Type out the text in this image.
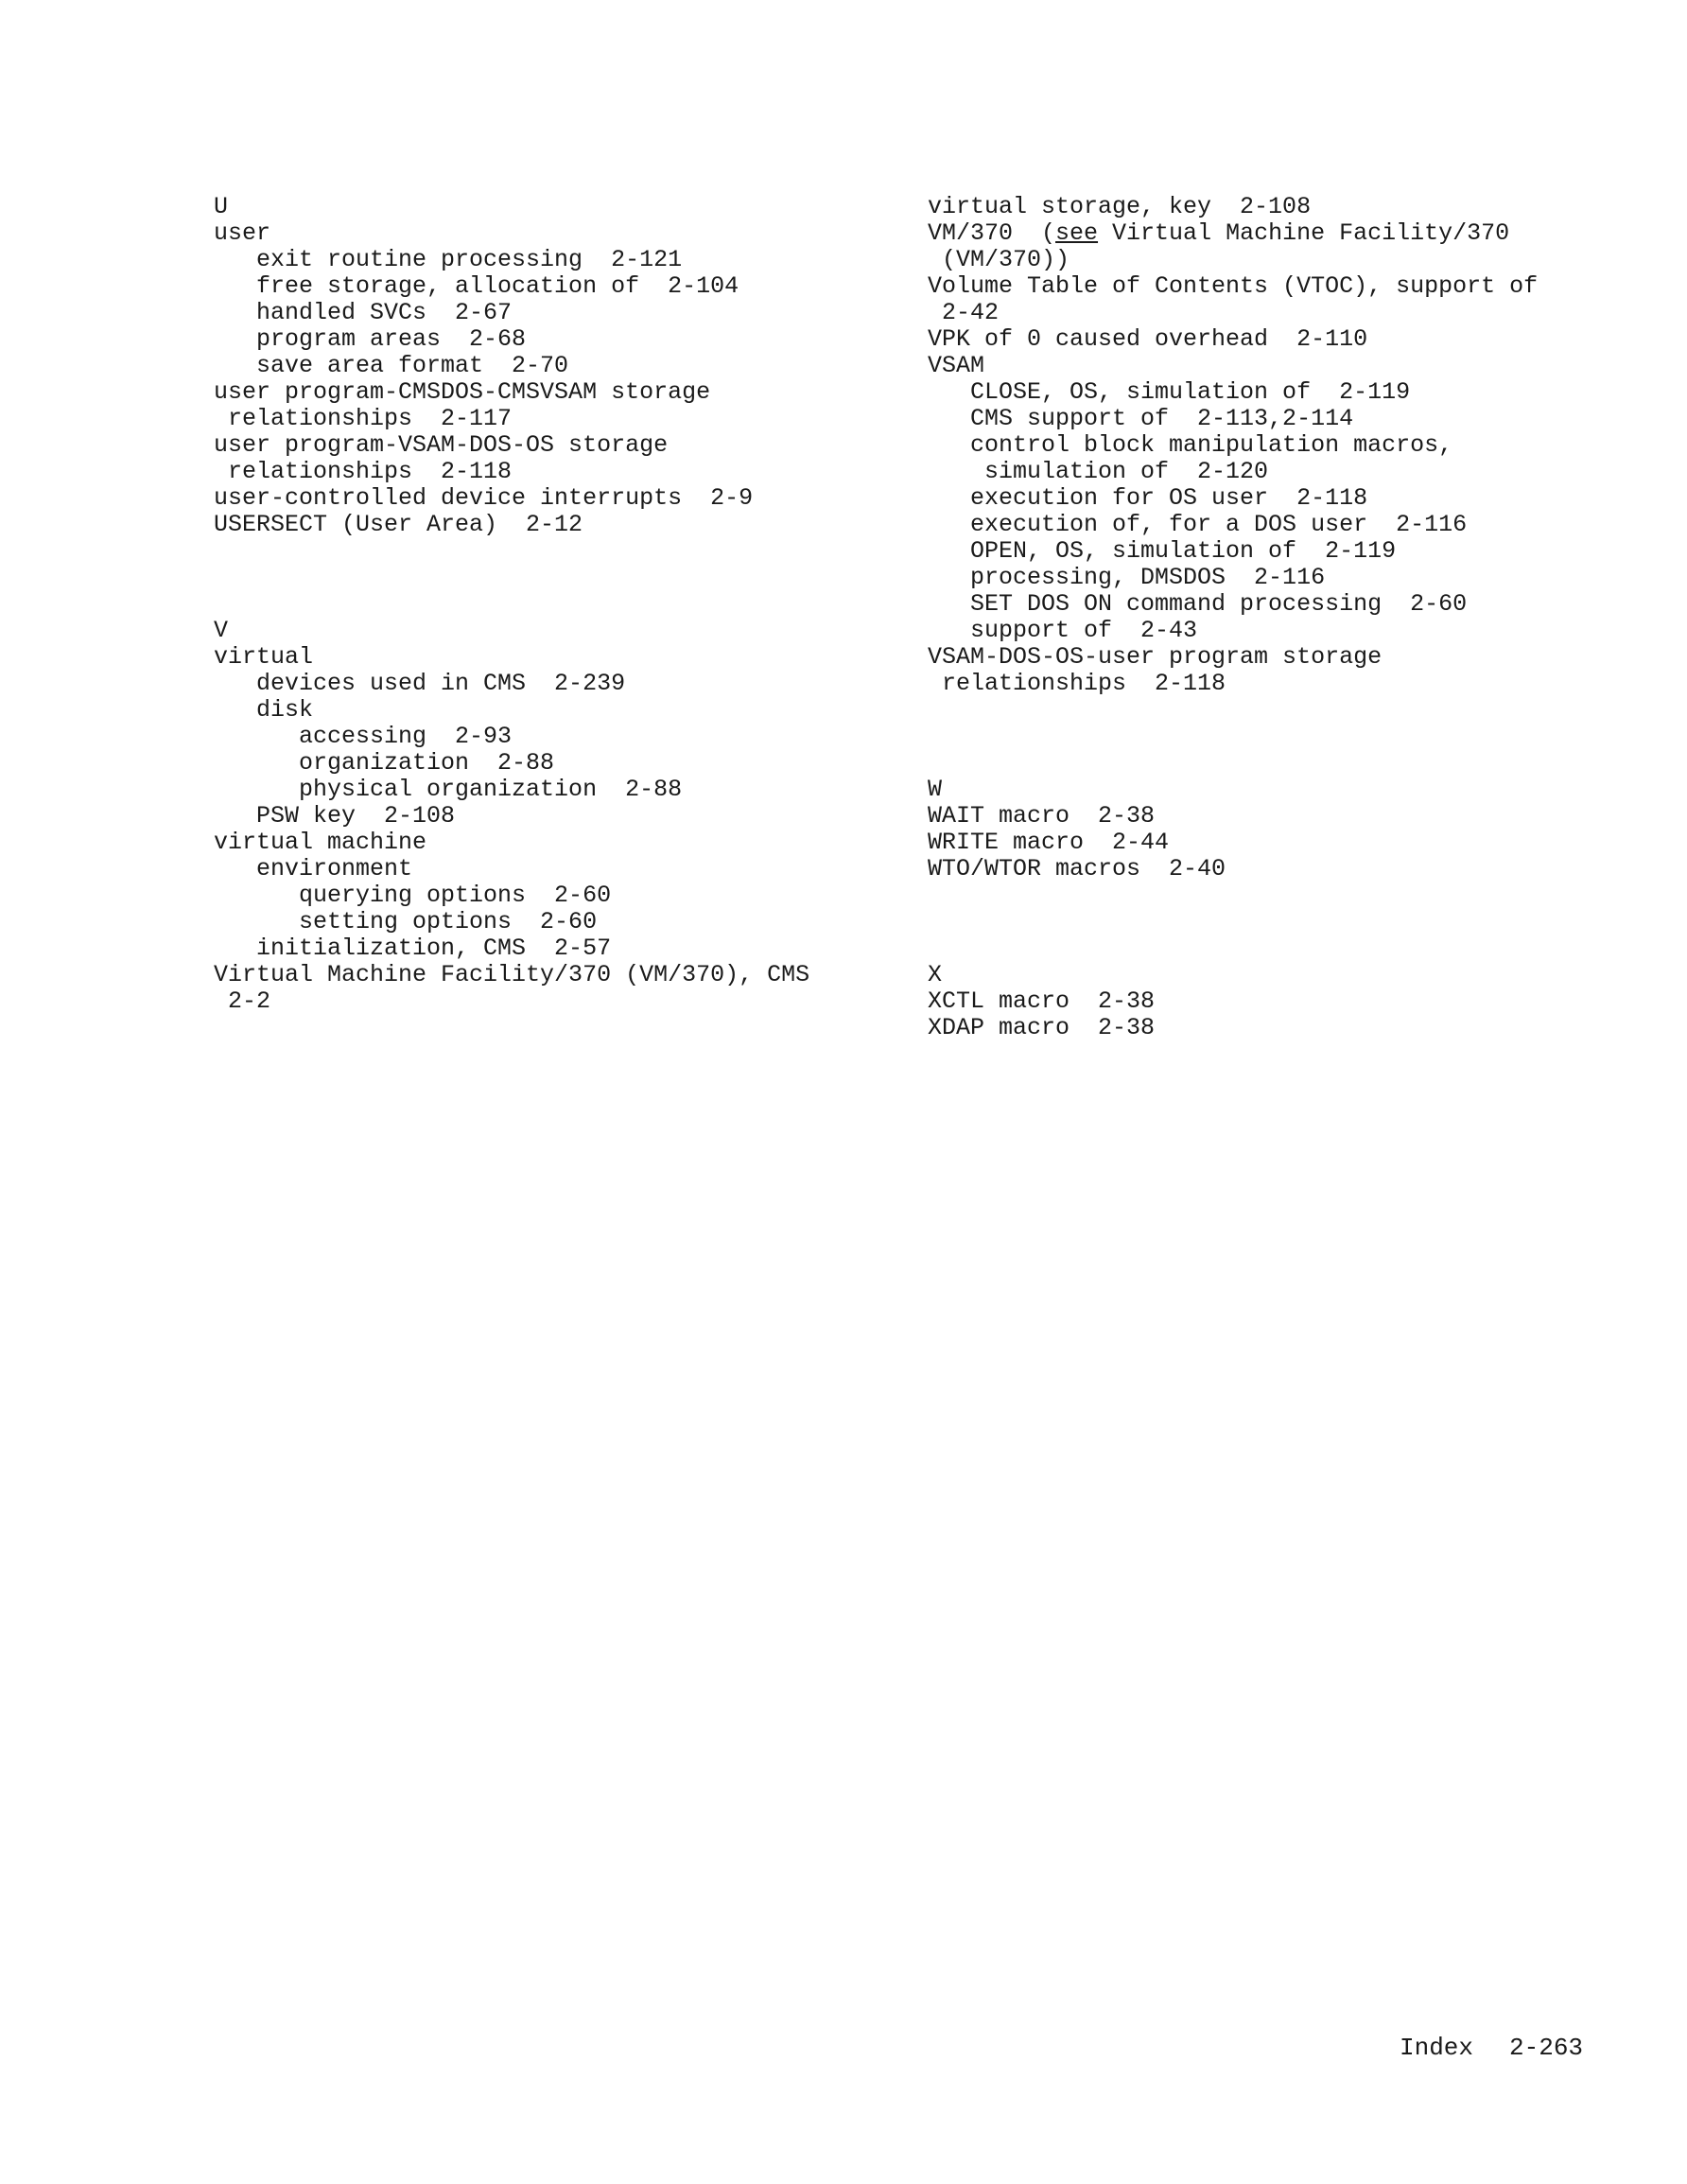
U
user
exit routine processing  2-121
free storage, allocation of  2-104
handled SVCs  2-67
program areas  2-68
save area format  2-70
user program-CMSDOS-CMSVSAM storage
relationships  2-117
user program-VSAM-DOS-OS storage
relationships  2-118
user-controlled device interrupts  2-9
USERSECT (User Area)  2-12
V
virtual
devices used in CMS  2-239
disk
accessing  2-93
organization  2-88
physical organization  2-88
PSW key  2-108
virtual machine
environment
querying options  2-60
setting options  2-60
initialization, CMS  2-57
Virtual Machine Facility/370 (VM/370), CMS
2-2
virtual storage, key  2-108
VM/370  (see Virtual Machine Facility/370
(VM/370))
Volume Table of Contents (VTOC), support of
2-42
VPK of 0 caused overhead  2-110
VSAM
CLOSE, OS, simulation of  2-119
CMS support of  2-113,2-114
control block manipulation macros,
simulation of  2-120
execution for OS user  2-118
execution of, for a DOS user  2-116
OPEN, OS, simulation of  2-119
processing, DMSDOS  2-116
SET DOS ON command processing  2-60
support of  2-43
VSAM-DOS-OS-user program storage
relationships  2-118
W
WAIT macro  2-38
WRITE macro  2-44
WTO/WTOR macros  2-40
X
XCTL macro  2-38
XDAP macro  2-38
Index 2-263
